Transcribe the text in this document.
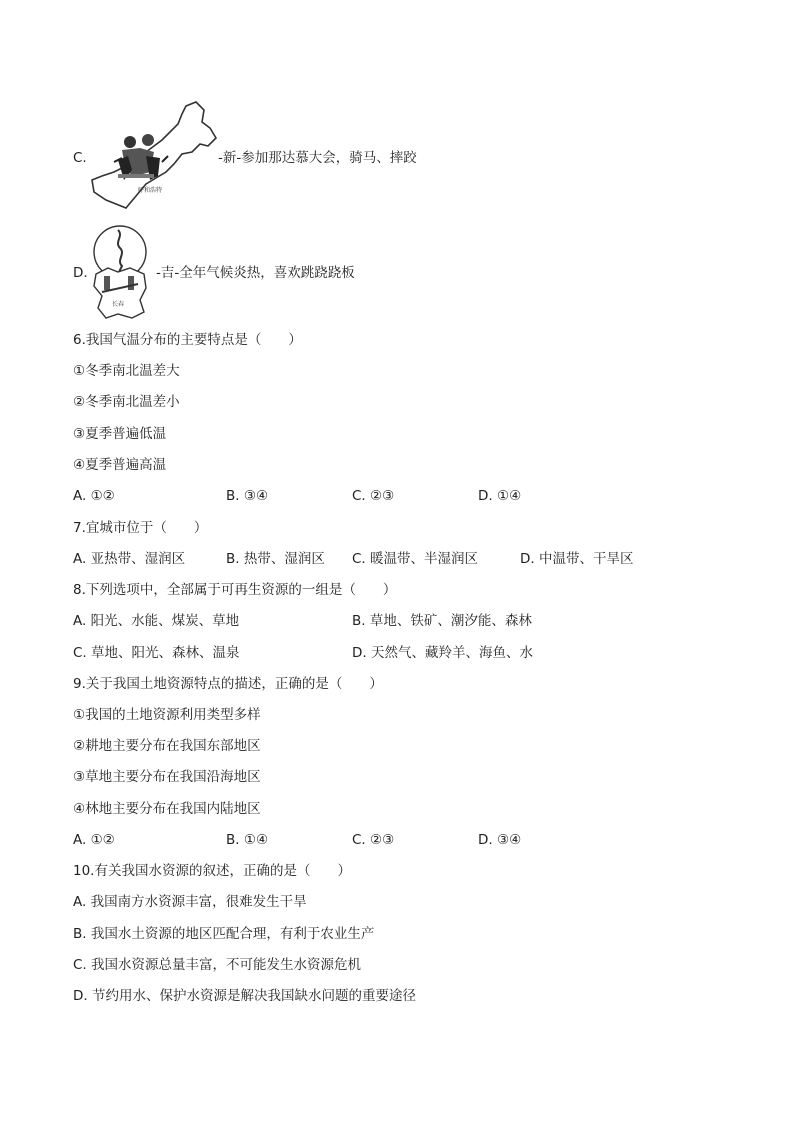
C.
呼和浩特
-新-参加那达慕大会，骑马、摔跤
D.
长春
-吉-全年气候炎热，喜欢跳跷跷板
6.我国气温分布的主要特点是（　　）
①冬季南北温差大
②冬季南北温差小
③夏季普遍低温
④夏季普遍高温
A. ①②	B. ③④	C. ②③	D. ①④
7.宜城市位于（　　）
A. 亚热带、湿润区	B. 热带、湿润区 C. 暖温带、半湿润区	D. 中温带、干旱区
8.下列选项中，全部属于可再生资源的一组是（　　）
A. 阳光、水能、煤炭、草地	B. 草地、铁矿、潮汐能、森林
C. 草地、阳光、森林、温泉	D. 天然气、藏羚羊、海鱼、水
9.关于我国土地资源特点的描述，正确的是（　　）
①我国的土地资源利用类型多样
②耕地主要分布在我国东部地区
③草地主要分布在我国沿海地区
④林地主要分布在我国内陆地区
A. ①②	B. ①④	C. ②③	D. ③④
10.有关我国水资源的叙述，正确的是（　　）
A. 我国南方水资源丰富，很难发生干旱
B. 我国水土资源的地区匹配合理，有利于农业生产
C. 我国水资源总量丰富，不可能发生水资源危机
D. 节约用水、保护水资源是解决我国缺水问题的重要途径
